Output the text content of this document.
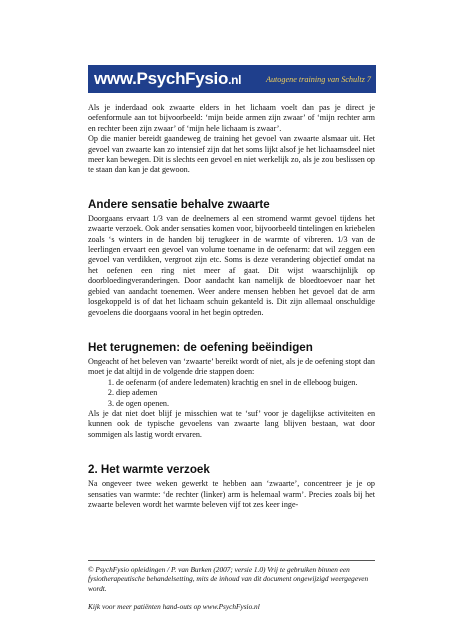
www.PsychFysio.nl	Autogene training van Schultz 7

Als je inderdaad ook zwaarte elders in het lichaam voelt dan pas je direct je oefenformule aan tot bijvoorbeeld: ‘mijn beide armen zijn zwaar’ of ‘mijn rechter arm en rechter been zijn zwaar’ of ‘mijn hele lichaam is zwaar’.

Op die manier bereidt gaandeweg de training het gevoel van zwaarte alsmaar uit. Het gevoel van zwaarte kan zo intensief zijn dat het soms lijkt alsof je het lichaamsdeel niet meer kan bewegen. Dit is slechts een gevoel en niet werkelijk zo, als je zou beslissen op te staan dan kan je dat gewoon.

Andere sensatie behalve zwaarte

Doorgaans ervaart 1/3 van de deelnemers al een stromend warmt gevoel tijdens het zwaarte verzoek. Ook ander sensaties komen voor, bijvoorbeeld tintelingen en kriebelen zoals ‘s winters in de handen bij terugkeer in de warmte of vibreren. 1/3 van de leerlingen ervaart een gevoel van volume toename in de oefenarm: dat wil zeggen een gevoel van verdikken, vergroot zijn etc. Soms is deze verandering objectief omdat na het oefenen een ring niet meer af gaat. Dit wijst waarschijnlijk op doorbloedingveranderingen. Door aandacht kan namelijk de bloedtoevoer naar het gebied van aandacht toenemen. Weer andere mensen hebben het gevoel dat de arm losgekoppeld is of dat het lichaam schuin gekanteld is. Dit zijn allemaal onschuldige gevoelens die doorgaans vooral in het begin optreden.

Het terugnemen: de oefening beëindigen

Ongeacht of het beleven van ‘zwaarte’ bereikt wordt of niet, als je de oefening stopt dan moet je dat altijd in de volgende drie stappen doen:

1. de oefenarm (of andere ledematen) krachtig en snel in de elleboog buigen.
2. diep ademen
3. de ogen openen.

Als je dat niet doet blijf je misschien wat te ‘suf’ voor je dagelijkse activiteiten en kunnen ook de typische gevoelens van zwaarte lang blijven bestaan, wat door sommigen als lastig wordt ervaren.

2. Het warmte verzoek

Na ongeveer twee weken gewerkt te hebben aan ‘zwaarte’, concentreer je je op sensaties van warmte: ‘de rechter (linker) arm is helemaal warm’. Precies zoals bij het zwaarte beleven wordt het warmte beleven vijf tot zes keer inge-

© PsychFysio opleidingen / P. van Burken (2007; versie 1.0) Vrij te gebruiken binnen een fysiotherapeutische behandelsetting, mits de inhoud van dit document ongewijzigd weergegeven wordt.

Kijk voor meer patiënten hand-outs op www.PsychFysio.nl
